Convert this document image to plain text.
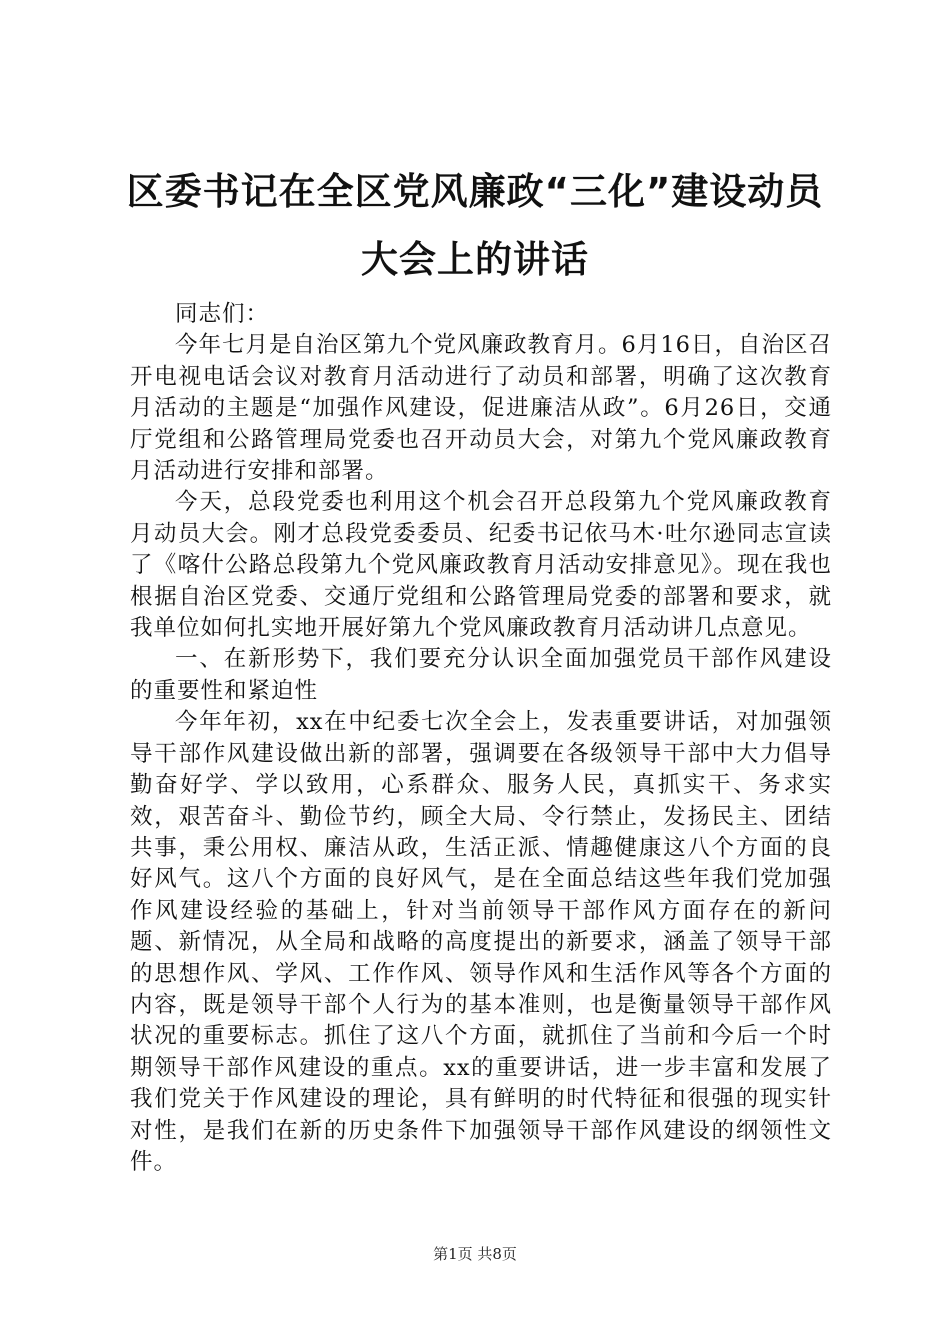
区委书记在全区党风廉政“三化”建设动员大会上的讲话

同志们：

今年七月是自治区第九个党风廉政教育月。6月16日，自治区召开电视电话会议对教育月活动进行了动员和部署，明确了这次教育月活动的主题是“加强作风建设，促进廉洁从政”。6月26日，交通厅党组和公路管理局党委也召开动员大会，对第九个党风廉政教育月活动进行安排和部署。

今天，总段党委也利用这个机会召开总段第九个党风廉政教育月动员大会。刚才总段党委委员、纪委书记依马木·吐尔逊同志宣读了《喀什公路总段第九个党风廉政教育月活动安排意见》。现在我也根据自治区党委、交通厅党组和公路管理局党委的部署和要求，就我单位如何扎实地开展好第九个党风廉政教育月活动讲几点意见。

一、在新形势下，我们要充分认识全面加强党员干部作风建设的重要性和紧迫性

今年年初，xx在中纪委七次全会上，发表重要讲话，对加强领导干部作风建设做出新的部署，强调要在各级领导干部中大力倡导勤奋好学、学以致用，心系群众、服务人民，真抓实干、务求实效，艰苦奋斗、勤俭节约，顾全大局、令行禁止，发扬民主、团结共事，秉公用权、廉洁从政，生活正派、情趣健康这八个方面的良好风气。这八个方面的良好风气，是在全面总结这些年我们党加强作风建设经验的基础上，针对当前领导干部作风方面存在的新问题、新情况，从全局和战略的高度提出的新要求，涵盖了领导干部的思想作风、学风、工作作风、领导作风和生活作风等各个方面的内容，既是领导干部个人行为的基本准则，也是衡量领导干部作风状况的重要标志。抓住了这八个方面，就抓住了当前和今后一个时期领导干部作风建设的重点。xx的重要讲话，进一步丰富和发展了我们党关于作风建设的理论，具有鲜明的时代特征和很强的现实针对性，是我们在新的历史条件下加强领导干部作风建设的纲领性文件。

第1页 共8页
